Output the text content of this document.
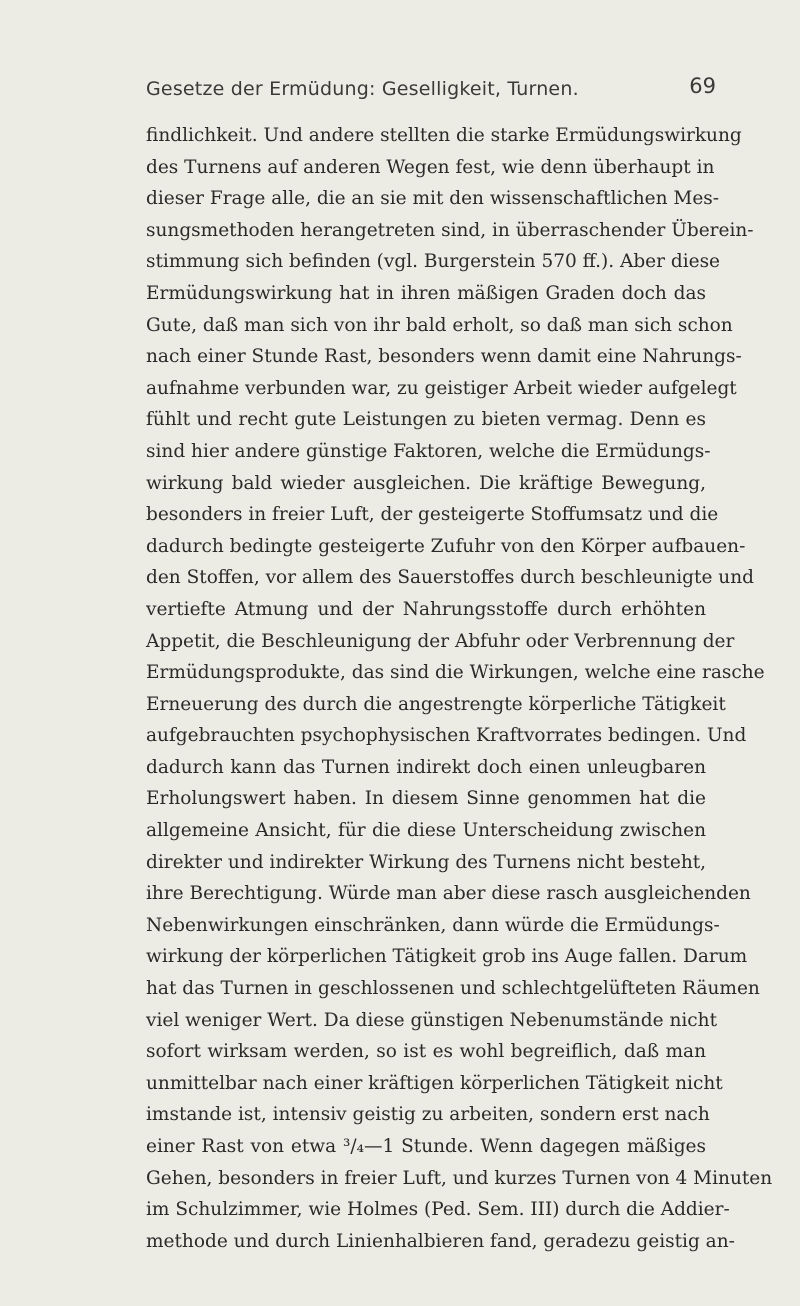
Gesetze der Ermüdung: Geselligkeit, Turnen.	69
findlichkeit. Und andere stellten die starke Ermüdungswirkung
des Turnens auf anderen Wegen fest, wie denn überhaupt in
dieser Frage alle, die an sie mit den wissenschaftlichen Mes-
sungsmethoden herangetreten sind, in überraschender Überein-
stimmung sich befinden (vgl. Burgerstein 570 ff.). Aber diese
Ermüdungswirkung hat in ihren mäßigen Graden doch das
Gute, daß man sich von ihr bald erholt, so daß man sich schon
nach einer Stunde Rast, besonders wenn damit eine Nahrungs-
aufnahme verbunden war, zu geistiger Arbeit wieder aufgelegt
fühlt und recht gute Leistungen zu bieten vermag. Denn es
sind hier andere günstige Faktoren, welche die Ermüdungs-
wirkung bald wieder ausgleichen. Die kräftige Bewegung,
besonders in freier Luft, der gesteigerte Stoffumsatz und die
dadurch bedingte gesteigerte Zufuhr von den Körper aufbauen-
den Stoffen, vor allem des Sauerstoffes durch beschleunigte und
vertiefte Atmung und der Nahrungsstoffe durch erhöhten
Appetit, die Beschleunigung der Abfuhr oder Verbrennung der
Ermüdungsprodukte, das sind die Wirkungen, welche eine rasche
Erneuerung des durch die angestrengte körperliche Tätigkeit
aufgebrauchten psychophysischen Kraftvorrates bedingen. Und
dadurch kann das Turnen indirekt doch einen unleugbaren
Erholungswert haben. In diesem Sinne genommen hat die
allgemeine Ansicht, für die diese Unterscheidung zwischen
direkter und indirekter Wirkung des Turnens nicht besteht,
ihre Berechtigung. Würde man aber diese rasch ausgleichenden
Nebenwirkungen einschränken, dann würde die Ermüdungs-
wirkung der körperlichen Tätigkeit grob ins Auge fallen. Darum
hat das Turnen in geschlossenen und schlechtgelüfteten Räumen
viel weniger Wert. Da diese günstigen Nebenumstände nicht
sofort wirksam werden, so ist es wohl begreiflich, daß man
unmittelbar nach einer kräftigen körperlichen Tätigkeit nicht
imstande ist, intensiv geistig zu arbeiten, sondern erst nach
einer Rast von etwa ³/₄—1 Stunde. Wenn dagegen mäßiges
Gehen, besonders in freier Luft, und kurzes Turnen von 4 Minuten
im Schulzimmer, wie Holmes (Ped. Sem. III) durch die Addier-
methode und durch Linienhalbieren fand, geradezu geistig an-
